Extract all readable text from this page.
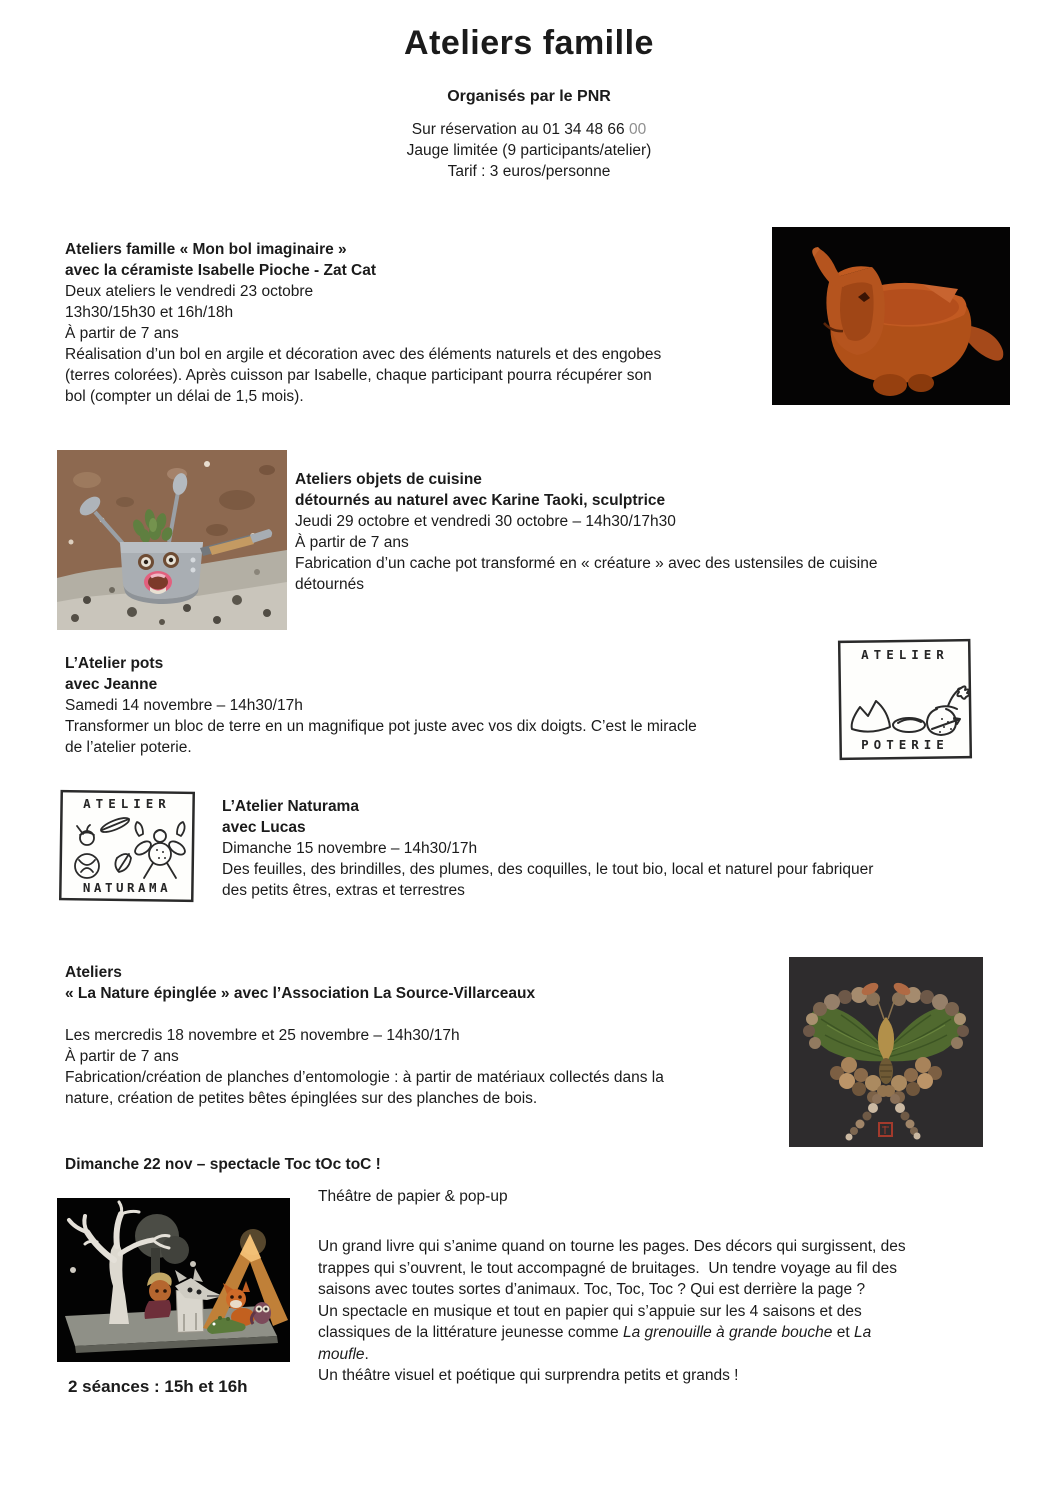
Ateliers famille
Organisés par le PNR
Sur réservation au 01 34 48 66 00
Jauge limitée (9 participants/atelier)
Tarif : 3 euros/personne
Ateliers famille « Mon bol imaginaire »
avec la céramiste Isabelle Pioche - Zat Cat
Deux ateliers le vendredi 23 octobre
13h30/15h30 et 16h/18h
À partir de 7 ans
Réalisation d’un bol en argile et décoration avec des éléments naturels et des engobes
(terres colorées). Après cuisson par Isabelle, chaque participant pourra récupérer son
bol (compter un délai de 1,5 mois).
Ateliers objets de cuisine
détournés au naturel avec Karine Taoki, sculptrice
Jeudi 29 octobre et vendredi 30 octobre – 14h30/17h30
À partir de 7 ans
Fabrication d’un cache pot transformé en « créature » avec des ustensiles de cuisine
détournés
L’Atelier pots
avec Jeanne
Samedi 14 novembre – 14h30/17h
Transformer un bloc de terre en un magnifique pot juste avec vos dix doigts. C’est le miracle
de l’atelier poterie.
ATELIER
POTERIE
ATELIER
NATURAMA
L’Atelier Naturama
avec Lucas
Dimanche 15 novembre – 14h30/17h
Des feuilles, des brindilles, des plumes, des coquilles, le tout bio, local et naturel pour fabriquer
des petits êtres, extras et terrestres
Ateliers
« La Nature épinglée » avec l’Association La Source-Villarceaux

Les mercredis 18 novembre et 25 novembre – 14h30/17h
À partir de 7 ans
Fabrication/création de planches d’entomologie : à partir de matériaux collectés dans la
nature, création de petites bêtes épinglées sur des planches de bois.
Dimanche 22 nov – spectacle Toc tOc toC !
Théâtre de papier & pop-up
Un grand livre qui s’anime quand on tourne les pages. Des décors qui surgissent, des
trappes qui s’ouvrent, le tout accompagné de bruitages.  Un tendre voyage au fil des
saisons avec toutes sortes d’animaux. Toc, Toc, Toc ? Qui est derrière la page ?
Un spectacle en musique et tout en papier qui s’appuie sur les 4 saisons et des
classiques de la littérature jeunesse comme La grenouille à grande bouche et La
moufle.
Un théâtre visuel et poétique qui surprendra petits et grands !
2 séances : 15h et 16h
